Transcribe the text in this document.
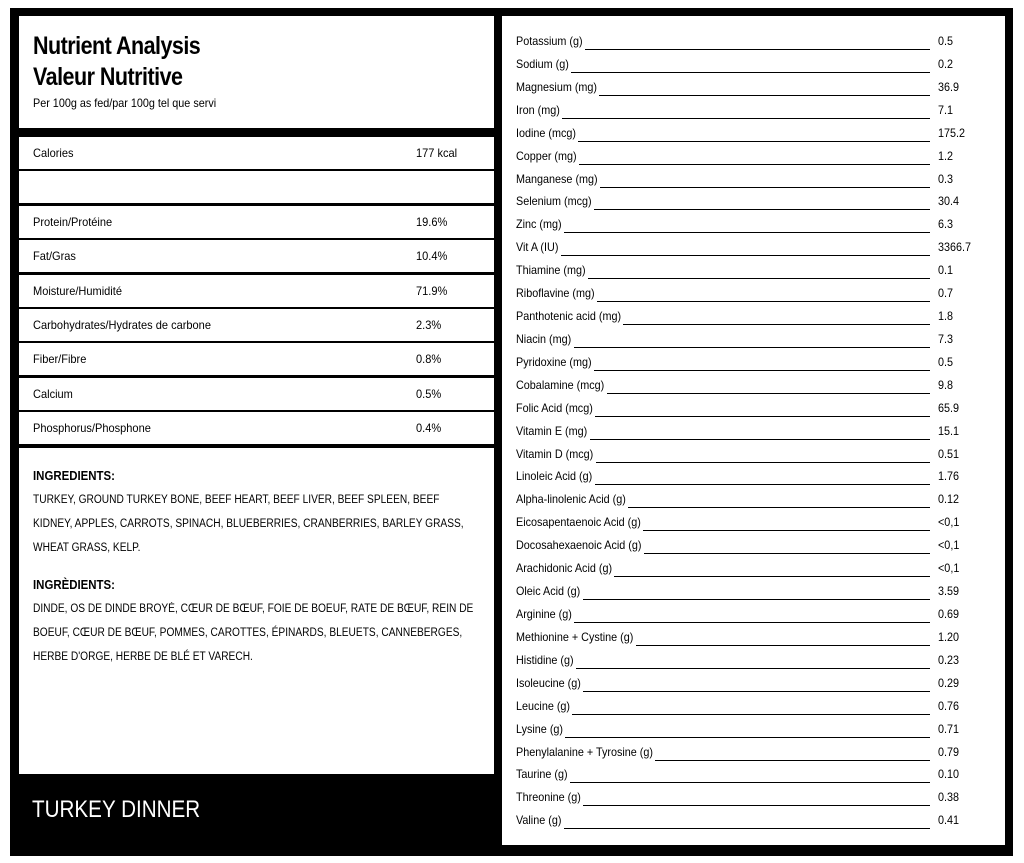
Nutrient Analysis
Valeur Nutritive
Per 100g as fed/par 100g tel que servi
Calories	177 kcal
Protein/Protéine	19.6%
Fat/Gras	10.4%
Moisture/Humidité	71.9%
Carbohydrates/Hydrates de carbone	2.3%
Fiber/Fibre	0.8%
Calcium	0.5%
Phosphorus/Phosphone	0.4%
INGREDIENTS:
TURKEY, GROUND TURKEY BONE, BEEF HEART, BEEF LIVER, BEEF SPLEEN, BEEF KIDNEY, APPLES, CARROTS, SPINACH, BLUEBERRIES, CRANBERRIES, BARLEY GRASS, WHEAT GRASS, KELP.
INGRÈDIENTS:
DINDE, OS DE DINDE BROYÉ, CŒUR DE BŒUF, FOIE DE BOEUF, RATE DE BŒUF, REIN DE BOEUF, CŒUR DE BŒUF, POMMES, CAROTTES, ÉPINARDS, BLEUETS, CANNEBERGES, HERBE D'ORGE, HERBE DE BLÉ ET VARECH.
TURKEY DINNER
Potassium (g)	0.5
Sodium (g)	0.2
Magnesium (mg)	36.9
Iron (mg)	7.1
Iodine (mcg)	175.2
Copper (mg)	1.2
Manganese (mg)	0.3
Selenium (mcg)	30.4
Zinc (mg)	6.3
Vit A (IU)	3366.7
Thiamine (mg)	0.1
Riboflavine (mg)	0.7
Panthotenic acid (mg)	1.8
Niacin (mg)	7.3
Pyridoxine (mg)	0.5
Cobalamine (mcg)	9.8
Folic Acid (mcg)	65.9
Vitamin E (mg)	15.1
Vitamin D (mcg)	0.51
Linoleic Acid (g)	1.76
Alpha-linolenic Acid (g)	0.12
Eicosapentaenoic Acid (g)	<0,1
Docosahexaenoic Acid (g)	<0,1
Arachidonic Acid (g)	<0,1
Oleic Acid (g)	3.59
Arginine (g)	0.69
Methionine + Cystine (g)	1.20
Histidine (g)	0.23
Isoleucine (g)	0.29
Leucine (g)	0.76
Lysine (g)	0.71
Phenylalanine + Tyrosine (g)	0.79
Taurine (g)	0.10
Threonine (g)	0.38
Valine (g)	0.41
